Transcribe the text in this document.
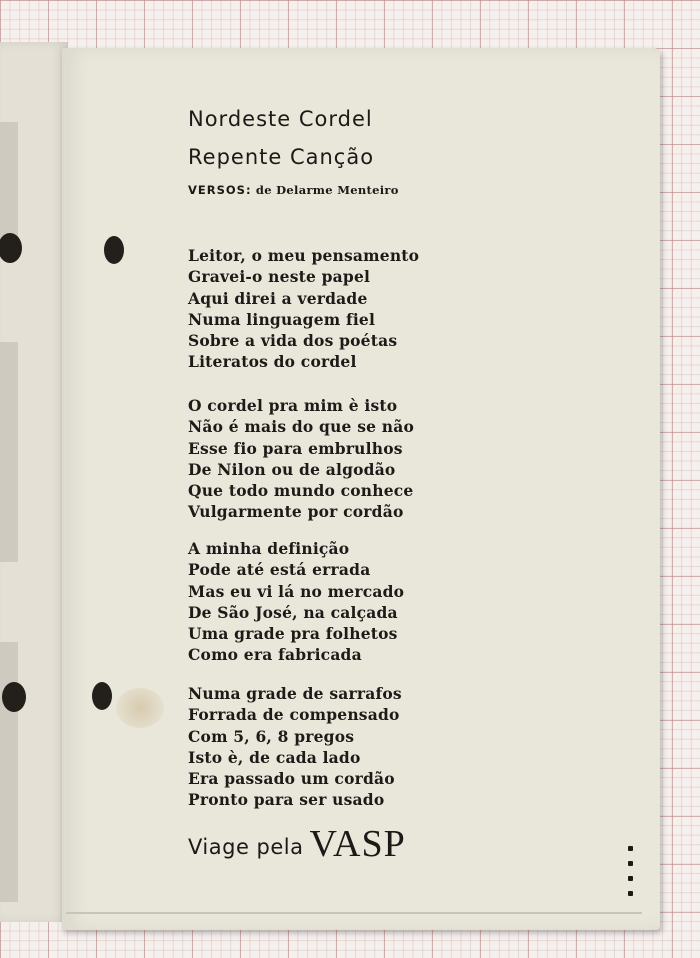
Nordeste Cordel
Repente Canção
VERSOS: de Delarme Menteiro
Leitor, o meu pensamento
Gravei-o neste papel
Aqui direi a verdade
Numa linguagem fiel
Sobre a vida dos poétas
Literatos do cordel
O cordel pra mim è isto
Não é mais do que se não
Esse fio para embrulhos
De Nilon ou de algodão
Que todo mundo conhece
Vulgarmente por cordão
A minha definição
Pode até está errada
Mas eu vi lá no mercado
De São José, na calçada
Uma grade pra folhetos
Como era fabricada
Numa grade de sarrafos
Forrada de compensado
Com 5, 6, 8 pregos
Isto è, de cada lado
Era passado um cordão
Pronto para ser usado
Viage pela VASP
